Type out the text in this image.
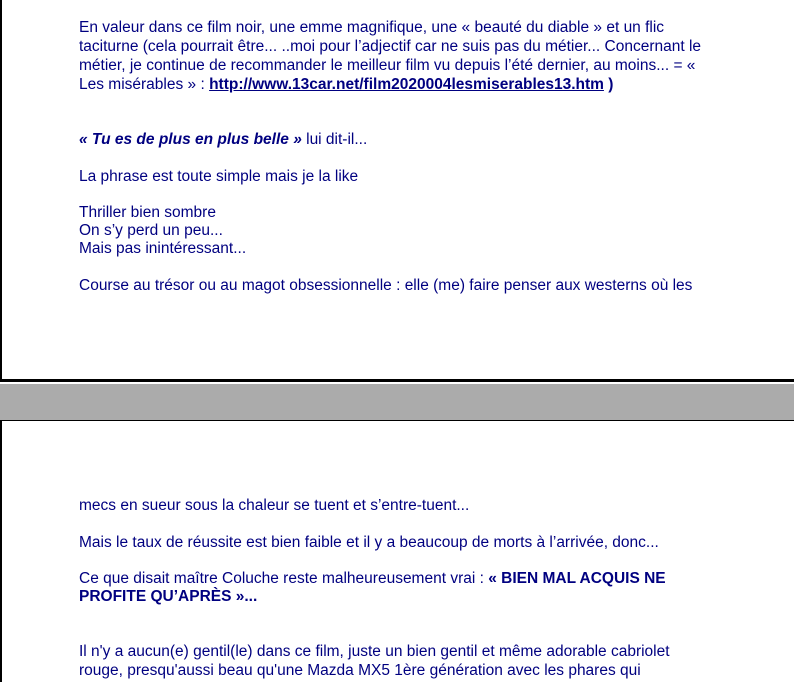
En valeur dans ce film noir, une emme magnifique, une « beauté du diable » et un flic
taciturne (cela pourrait être... ..moi pour l’adjectif car ne suis pas du métier... Concernant le
métier, je continue de recommander le meilleur film vu depuis l’été dernier, au moins... = «
Les misérables » : http://www.13car.net/film2020004lesmiserables13.htm )
« Tu es de plus en plus belle » lui dit-il...
La phrase est toute simple mais je la like
Thriller bien sombre
On s’y perd un peu...
Mais pas inintéressant...
Course au trésor ou au magot obsessionnelle : elle (me) faire penser aux westerns où les
mecs en sueur sous la chaleur se tuent et s’entre-tuent...
Mais le taux de réussite est bien faible et il y a beaucoup de morts à l’arrivée, donc...
Ce que disait maître Coluche reste malheureusement vrai : « BIEN MAL ACQUIS NE
PROFITE QU’APRÈS »...
Il n'y a aucun(e) gentil(le) dans ce film, juste un bien gentil et même adorable cabriolet
rouge, presqu'aussi beau qu'une Mazda MX5 1ère génération avec les phares qui
